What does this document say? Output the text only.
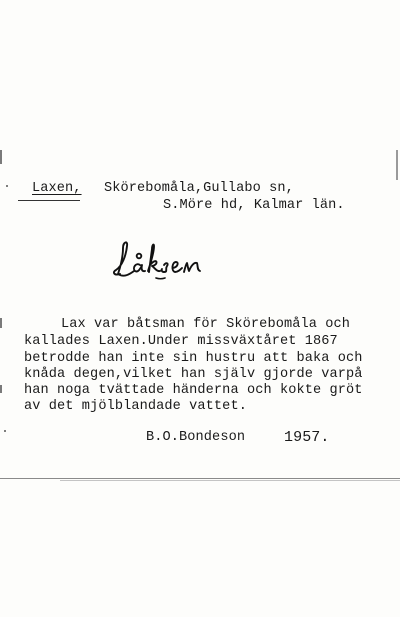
Laxen, Skörebomåla,Gullabo sn,
S.Möre hd, Kalmar län.
Lax var båtsman för Skörebomåla och
kallades Laxen.Under missväxtåret 1867
betrodde han inte sin hustru att baka och
knåda degen,vilket han själv gjorde varpå
han noga tvättade händerna och kokte gröt
av det mjölblandade vattet.
B.O.Bondeson	1957.
